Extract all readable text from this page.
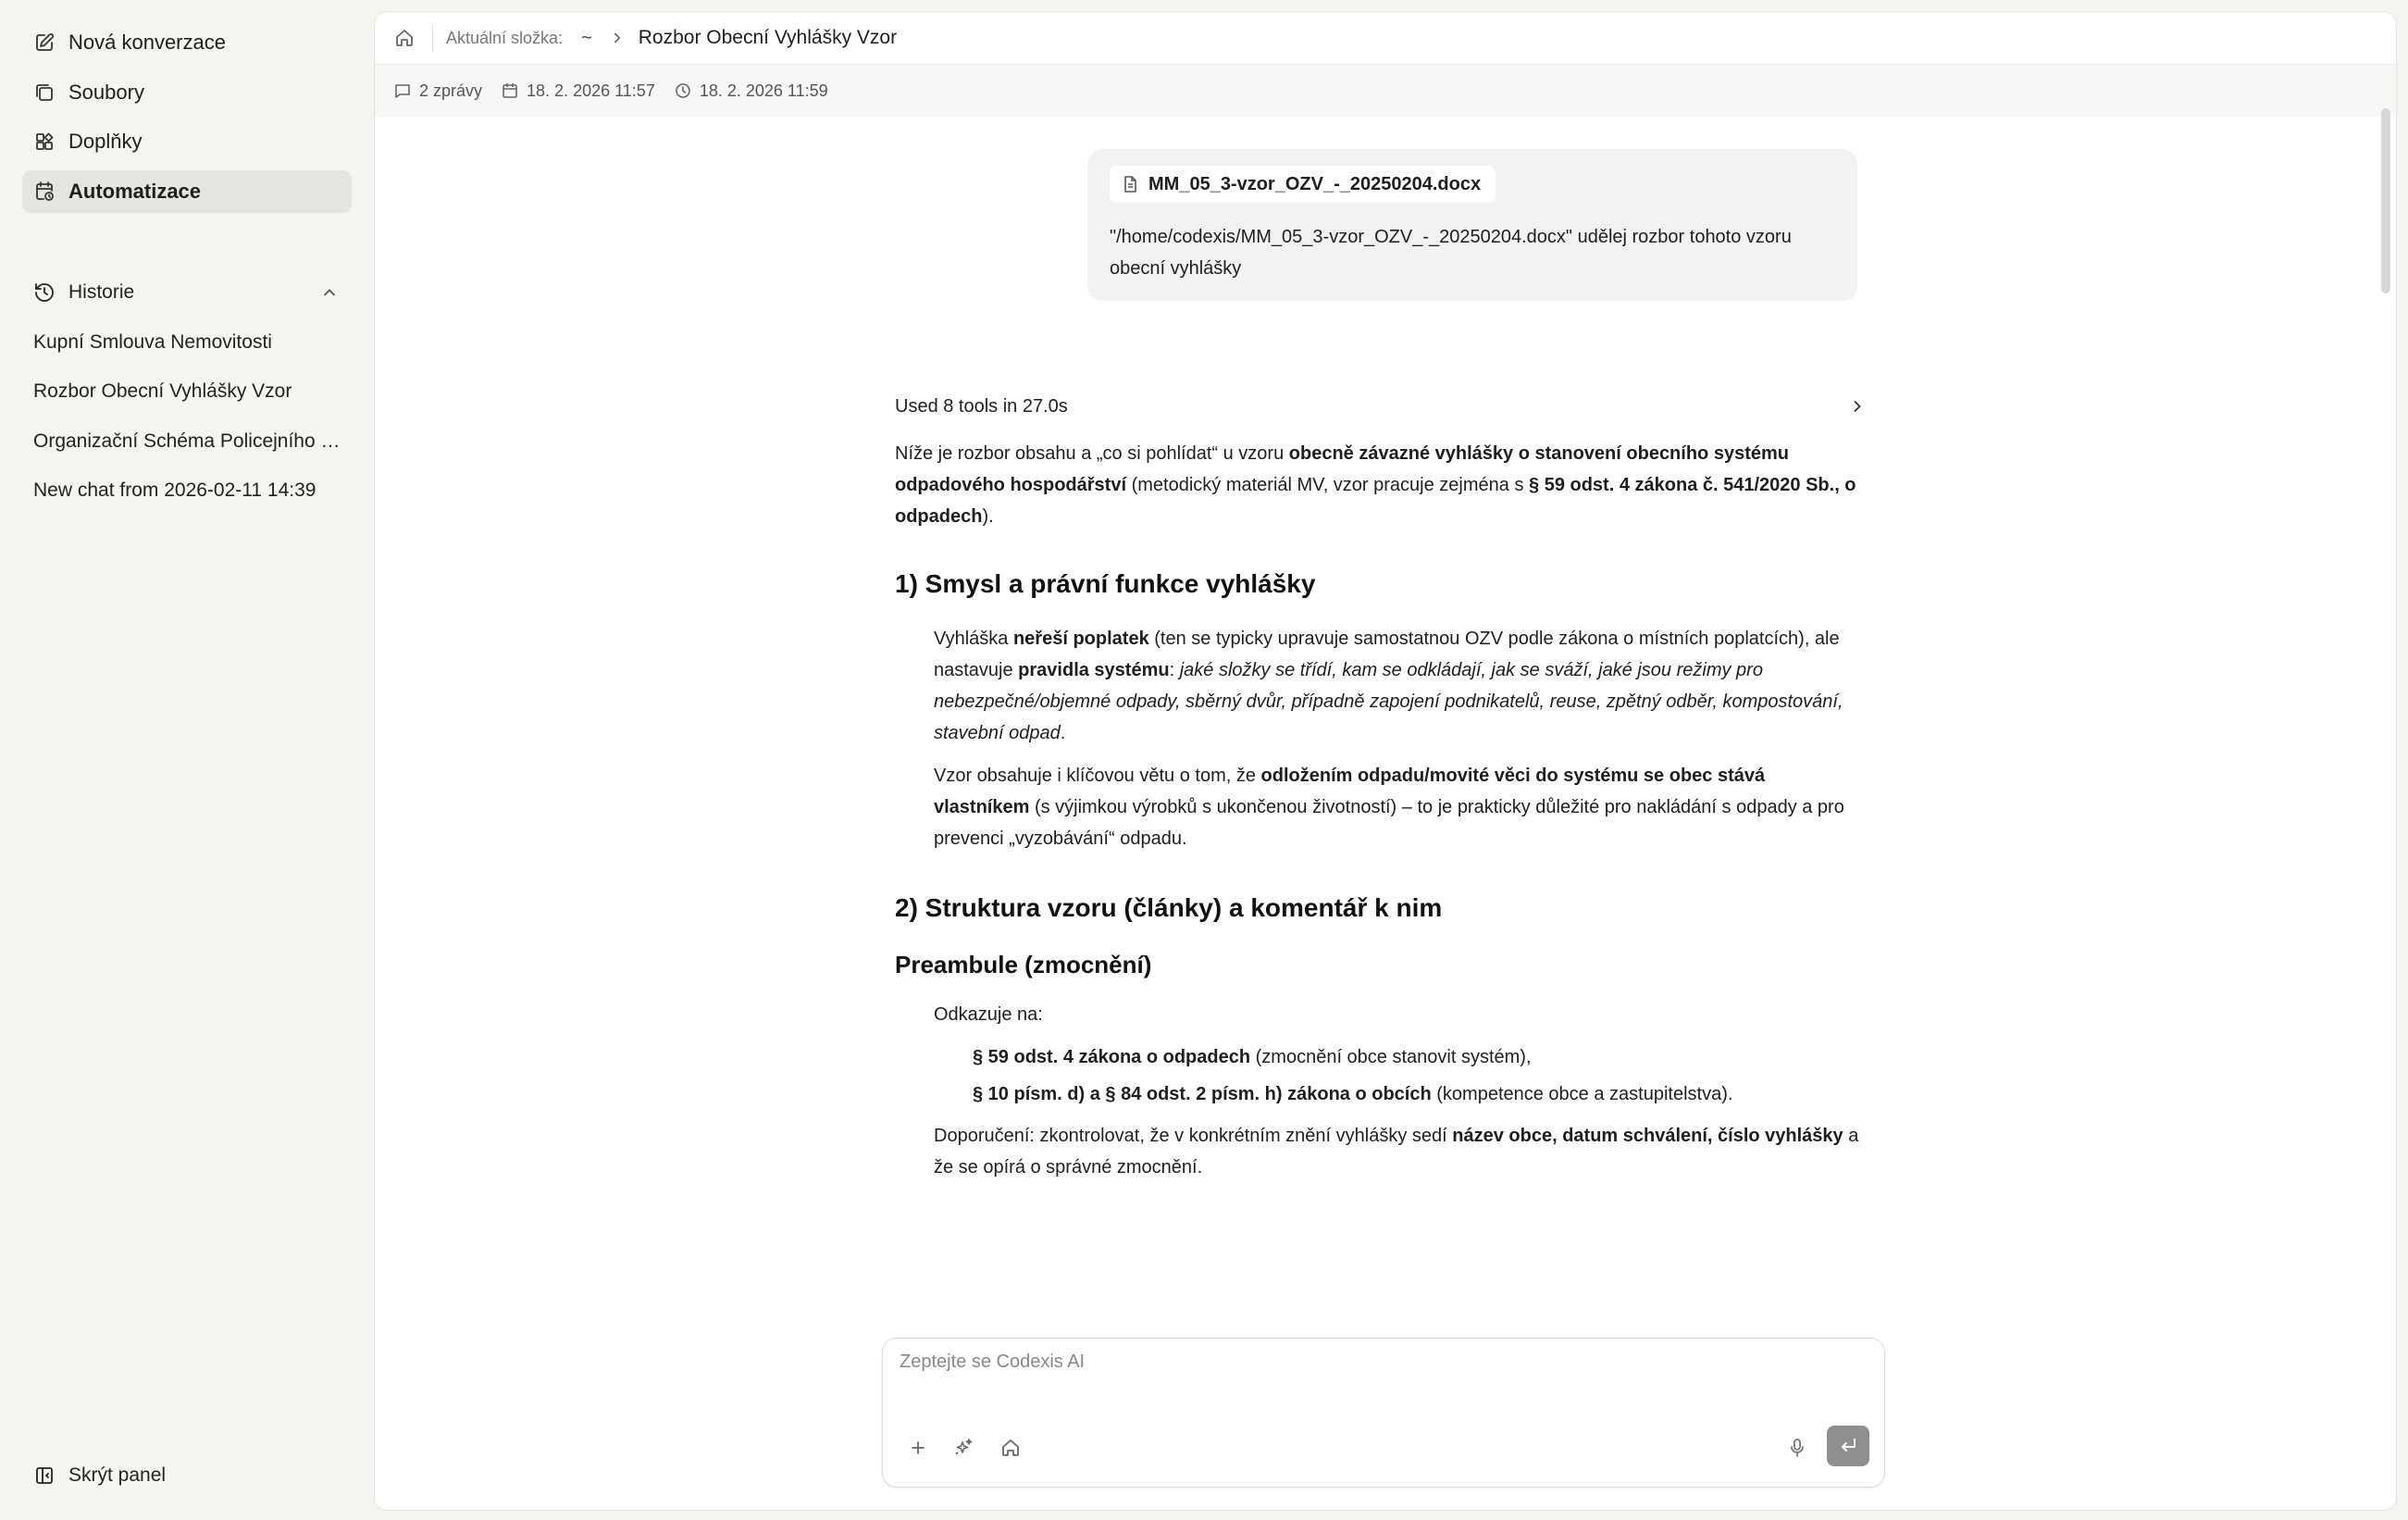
Nová konverzace
Soubory
Doplňky
Automatizace
Historie
Kupní Smlouva Nemovitosti
Rozbor Obecní Vyhlášky Vzor
Organizační Schéma Policejního …
New chat from 2026-02-11 14:39
Skrýt panel
Aktuální složka: ~ Rozbor Obecní Vyhlášky Vzor
2 zprávy	18. 2. 2026 11:57	18. 2. 2026 11:59
MM_05_3-vzor_OZV_-_20250204.docx
"/home/codexis/MM_05_3-vzor_OZV_-_20250204.docx" udělej rozbor tohoto vzoru obecní vyhlášky
Used 8 tools in 27.0s

Níže je rozbor obsahu a „co si pohlídat“ u vzoru obecně závazné vyhlášky o stanovení obecního systému odpadového hospodářství (metodický materiál MV, vzor pracuje zejména s § 59 odst. 4 zákona č. 541/2020 Sb., o odpadech).

1) Smysl a právní funkce vyhlášky
Vyhláška neřeší poplatek (ten se typicky upravuje samostatnou OZV podle zákona o místních poplatcích), ale nastavuje pravidla systému: jaké složky se třídí, kam se odkládají, jak se sváží, jaké jsou režimy pro nebezpečné/objemné odpady, sběrný dvůr, případně zapojení podnikatelů, reuse, zpětný odběr, kompostování, stavební odpad.
Vzor obsahuje i klíčovou větu o tom, že odložením odpadu/movité věci do systému se obec stává vlastníkem (s výjimkou výrobků s ukončenou životností) – to je prakticky důležité pro nakládání s odpady a pro prevenci „vyzobávání“ odpadu.
2) Struktura vzoru (články) a komentář k nim
Preambule (zmocnění)
Odkazuje na:
§ 59 odst. 4 zákona o odpadech (zmocnění obce stanovit systém),
§ 10 písm. d) a § 84 odst. 2 písm. h) zákona o obcích (kompetence obce a zastupitelstva).
Doporučení: zkontrolovat, že v konkrétním znění vyhlášky sedí název obce, datum schválení, číslo vyhlášky a že se opírá o správné zmocnění.
Zeptejte se Codexis AI
